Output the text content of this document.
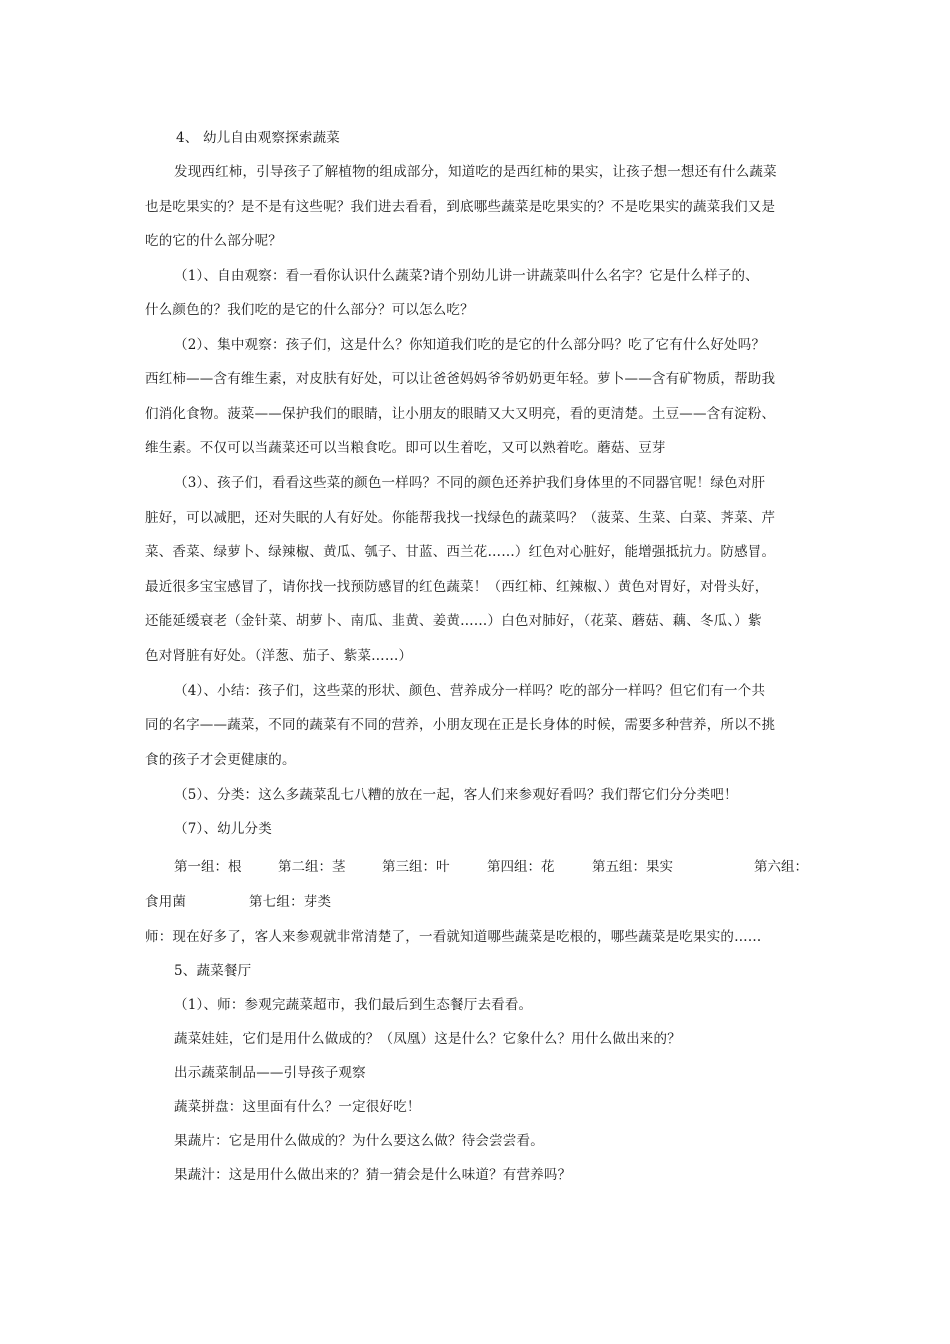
4、 幼儿自由观察探索蔬菜
发现西红柿，引导孩子了解植物的组成部分，知道吃的是西红柿的果实，让孩子想一想还有什么蔬菜
也是吃果实的？是不是有这些呢？我们进去看看，到底哪些蔬菜是吃果实的？不是吃果实的蔬菜我们又是
吃的它的什么部分呢？
（1）、自由观察：看一看你认识什么蔬菜?请个别幼儿讲一讲蔬菜叫什么名字？它是什么样子的、
什么颜色的？我们吃的是它的什么部分？可以怎么吃？
（2）、集中观察：孩子们，这是什么？你知道我们吃的是它的什么部分吗？吃了它有什么好处吗？
西红柿——含有维生素，对皮肤有好处，可以让爸爸妈妈爷爷奶奶更年轻。萝卜——含有矿物质，帮助我
们消化食物。菠菜——保护我们的眼睛，让小朋友的眼睛又大又明亮，看的更清楚。土豆——含有淀粉、
维生素。不仅可以当蔬菜还可以当粮食吃。即可以生着吃，又可以熟着吃。蘑菇、豆芽
（3）、孩子们，看看这些菜的颜色一样吗？不同的颜色还养护我们身体里的不同器官呢！绿色对肝
脏好，可以减肥，还对失眠的人有好处。你能帮我找一找绿色的蔬菜吗？（菠菜、生菜、白菜、荠菜、芹
菜、香菜、绿萝卜、绿辣椒、黄瓜、瓠子、甘蓝、西兰花……）红色对心脏好，能增强抵抗力。防感冒。
最近很多宝宝感冒了，请你找一找预防感冒的红色蔬菜！（西红柿、红辣椒、）黄色对胃好，对骨头好，
还能延缓衰老（金针菜、胡萝卜、南瓜、韭黄、姜黄……）白色对肺好，（花菜、蘑菇、藕、冬瓜、）紫
色对肾脏有好处。（洋葱、茄子、紫菜……）
（4）、小结：孩子们，这些菜的形状、颜色、营养成分一样吗？吃的部分一样吗？但它们有一个共
同的名字——蔬菜，不同的蔬菜有不同的营养，小朋友现在正是长身体的时候，需要多种营养，所以不挑
食的孩子才会更健康的。
（5）、分类：这么多蔬菜乱七八糟的放在一起，客人们来参观好看吗？我们帮它们分分类吧！
（7）、幼儿分类
第一组：根	第二组：茎	第三组：叶	第四组：花	第五组：果实	第六组：
食用菌	第七组：芽类
师：现在好多了，客人来参观就非常清楚了，一看就知道哪些蔬菜是吃根的，哪些蔬菜是吃果实的……
5、蔬菜餐厅
（1）、师：参观完蔬菜超市，我们最后到生态餐厅去看看。
蔬菜娃娃，它们是用什么做成的？（凤凰）这是什么？它象什么？用什么做出来的？
出示蔬菜制品——引导孩子观察
蔬菜拼盘：这里面有什么？一定很好吃！
果蔬片：它是用什么做成的？为什么要这么做？待会尝尝看。
果蔬汁：这是用什么做出来的？猜一猜会是什么味道？有营养吗？
